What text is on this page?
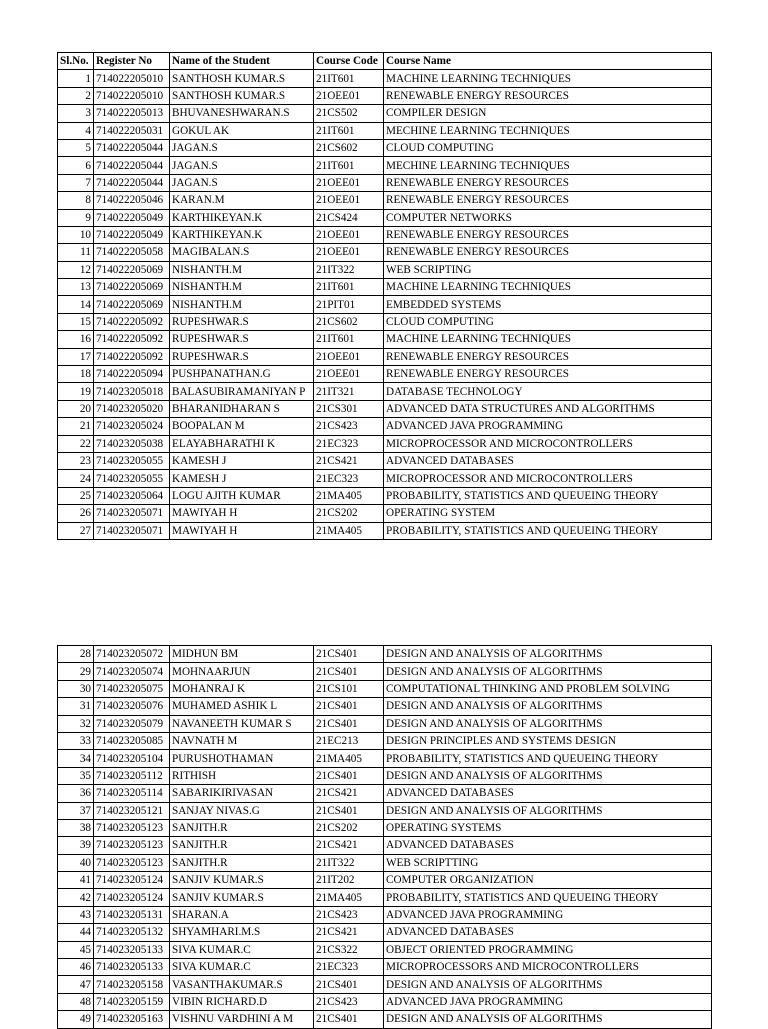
Sl.No.	Register No	Name of the Student	Course Code	Course Name
1	714022205010	SANTHOSH KUMAR.S	21IT601	MACHINE LEARNING TECHNIQUES
2	714022205010	SANTHOSH KUMAR.S	21OEE01	RENEWABLE ENERGY RESOURCES
3	714022205013	BHUVANESHWARAN.S	21CS502	COMPILER DESIGN
4	714022205031	GOKUL AK	21IT601	MECHINE LEARNING TECHNIQUES
5	714022205044	JAGAN.S	21CS602	CLOUD COMPUTING
6	714022205044	JAGAN.S	21IT601	MECHINE LEARNING TECHNIQUES
7	714022205044	JAGAN.S	21OEE01	RENEWABLE ENERGY RESOURCES
8	714022205046	KARAN.M	21OEE01	RENEWABLE ENERGY RESOURCES
9	714022205049	KARTHIKEYAN.K	21CS424	COMPUTER NETWORKS
10	714022205049	KARTHIKEYAN.K	21OEE01	RENEWABLE ENERGY RESOURCES
11	714022205058	MAGIBALAN.S	21OEE01	RENEWABLE ENERGY RESOURCES
12	714022205069	NISHANTH.M	21IT322	WEB SCRIPTING
13	714022205069	NISHANTH.M	21IT601	MACHINE LEARNING TECHNIQUES
14	714022205069	NISHANTH.M	21PIT01	EMBEDDED SYSTEMS
15	714022205092	RUPESHWAR.S	21CS602	CLOUD COMPUTING
16	714022205092	RUPESHWAR.S	21IT601	MACHINE LEARNING TECHNIQUES
17	714022205092	RUPESHWAR.S	21OEE01	RENEWABLE ENERGY RESOURCES
18	714022205094	PUSHPANATHAN.G	21OEE01	RENEWABLE ENERGY RESOURCES
19	714023205018	BALASUBIRAMANIYAN P	21IT321	DATABASE TECHNOLOGY
20	714023205020	BHARANIDHARAN S	21CS301	ADVANCED DATA STRUCTURES AND ALGORITHMS
21	714023205024	BOOPALAN M	21CS423	ADVANCED JAVA PROGRAMMING
22	714023205038	ELAYABHARATHI K	21EC323	MICROPROCESSOR AND MICROCONTROLLERS
23	714023205055	KAMESH J	21CS421	ADVANCED DATABASES
24	714023205055	KAMESH J	21EC323	MICROPROCESSOR AND MICROCONTROLLERS
25	714023205064	LOGU AJITH KUMAR	21MA405	PROBABILITY, STATISTICS AND QUEUEING THEORY
26	714023205071	MAWIYAH H	21CS202	OPERATING SYSTEM
27	714023205071	MAWIYAH H	21MA405	PROBABILITY, STATISTICS AND QUEUEING THEORY
28	714023205072	MIDHUN BM	21CS401	DESIGN AND ANALYSIS OF ALGORITHMS
29	714023205074	MOHNAARJUN	21CS401	DESIGN AND ANALYSIS OF ALGORITHMS
30	714023205075	MOHANRAJ K	21CS101	COMPUTATIONAL THINKING AND PROBLEM SOLVING
31	714023205076	MUHAMED ASHIK L	21CS401	DESIGN AND ANALYSIS OF ALGORITHMS
32	714023205079	NAVANEETH KUMAR S	21CS401	DESIGN AND ANALYSIS OF ALGORITHMS
33	714023205085	NAVNATH M	21EC213	DESIGN PRINCIPLES AND SYSTEMS DESIGN
34	714023205104	PURUSHOTHAMAN	21MA405	PROBABILITY, STATISTICS AND QUEUEING THEORY
35	714023205112	RITHISH	21CS401	DESIGN AND ANALYSIS OF ALGORITHMS
36	714023205114	SABARIKIRIVASAN	21CS421	ADVANCED DATABASES
37	714023205121	SANJAY NIVAS.G	21CS401	DESIGN AND ANALYSIS OF ALGORITHMS
38	714023205123	SANJITH.R	21CS202	OPERATING SYSTEMS
39	714023205123	SANJITH.R	21CS421	ADVANCED DATABASES
40	714023205123	SANJITH.R	21IT322	WEB SCRIPTTING
41	714023205124	SANJIV KUMAR.S	21IT202	COMPUTER ORGANIZATION
42	714023205124	SANJIV KUMAR.S	21MA405	PROBABILITY, STATISTICS AND QUEUEING THEORY
43	714023205131	SHARAN.A	21CS423	ADVANCED JAVA PROGRAMMING
44	714023205132	SHYAMHARI.M.S	21CS421	ADVANCED DATABASES
45	714023205133	SIVA KUMAR.C	21CS322	OBJECT ORIENTED PROGRAMMING
46	714023205133	SIVA KUMAR.C	21EC323	MICROPROCESSORS AND MICROCONTROLLERS
47	714023205158	VASANTHAKUMAR.S	21CS401	DESIGN AND ANALYSIS OF ALGORITHMS
48	714023205159	VIBIN RICHARD.D	21CS423	ADVANCED JAVA PROGRAMMING
49	714023205163	VISHNU VARDHINI A M	21CS401	DESIGN AND ANALYSIS OF ALGORITHMS
